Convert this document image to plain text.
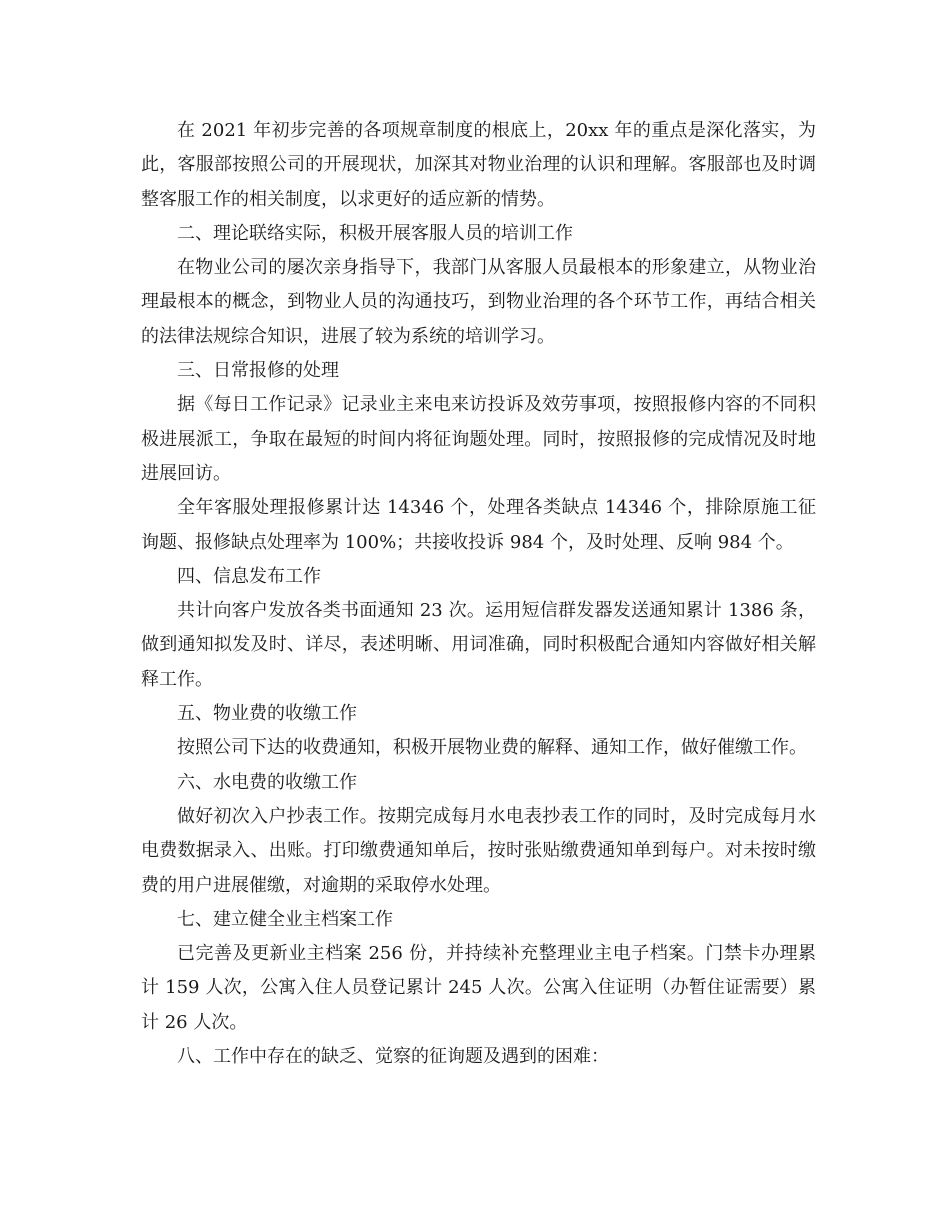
在 2021 年初步完善的各项规章制度的根底上，20xx 年的重点是深化落实，为此，客服部按照公司的开展现状，加深其对物业治理的认识和理解。客服部也及时调整客服工作的相关制度，以求更好的适应新的情势。

二、理论联络实际，积极开展客服人员的培训工作

在物业公司的屡次亲身指导下，我部门从客服人员最根本的形象建立，从物业治理最根本的概念，到物业人员的沟通技巧，到物业治理的各个环节工作，再结合相关的法律法规综合知识，进展了较为系统的培训学习。

三、日常报修的处理

据《每日工作记录》记录业主来电来访投诉及效劳事项，按照报修内容的不同积极进展派工，争取在最短的时间内将征询题处理。同时，按照报修的完成情况及时地进展回访。

全年客服处理报修累计达 14346 个，处理各类缺点 14346 个，排除原施工征询题、报修缺点处理率为 100%；共接收投诉 984 个，及时处理、反响 984 个。

四、信息发布工作

共计向客户发放各类书面通知 23 次。运用短信群发器发送通知累计 1386 条，做到通知拟发及时、详尽，表述明晰、用词准确，同时积极配合通知内容做好相关解释工作。

五、物业费的收缴工作

按照公司下达的收费通知，积极开展物业费的解释、通知工作，做好催缴工作。

六、水电费的收缴工作

做好初次入户抄表工作。按期完成每月水电表抄表工作的同时，及时完成每月水电费数据录入、出账。打印缴费通知单后，按时张贴缴费通知单到每户。对未按时缴费的用户进展催缴，对逾期的采取停水处理。

七、建立健全业主档案工作

已完善及更新业主档案 256 份，并持续补充整理业主电子档案。门禁卡办理累计 159 人次，公寓入住人员登记累计 245 人次。公寓入住证明（办暂住证需要）累计 26 人次。

八、工作中存在的缺乏、觉察的征询题及遇到的困难：
